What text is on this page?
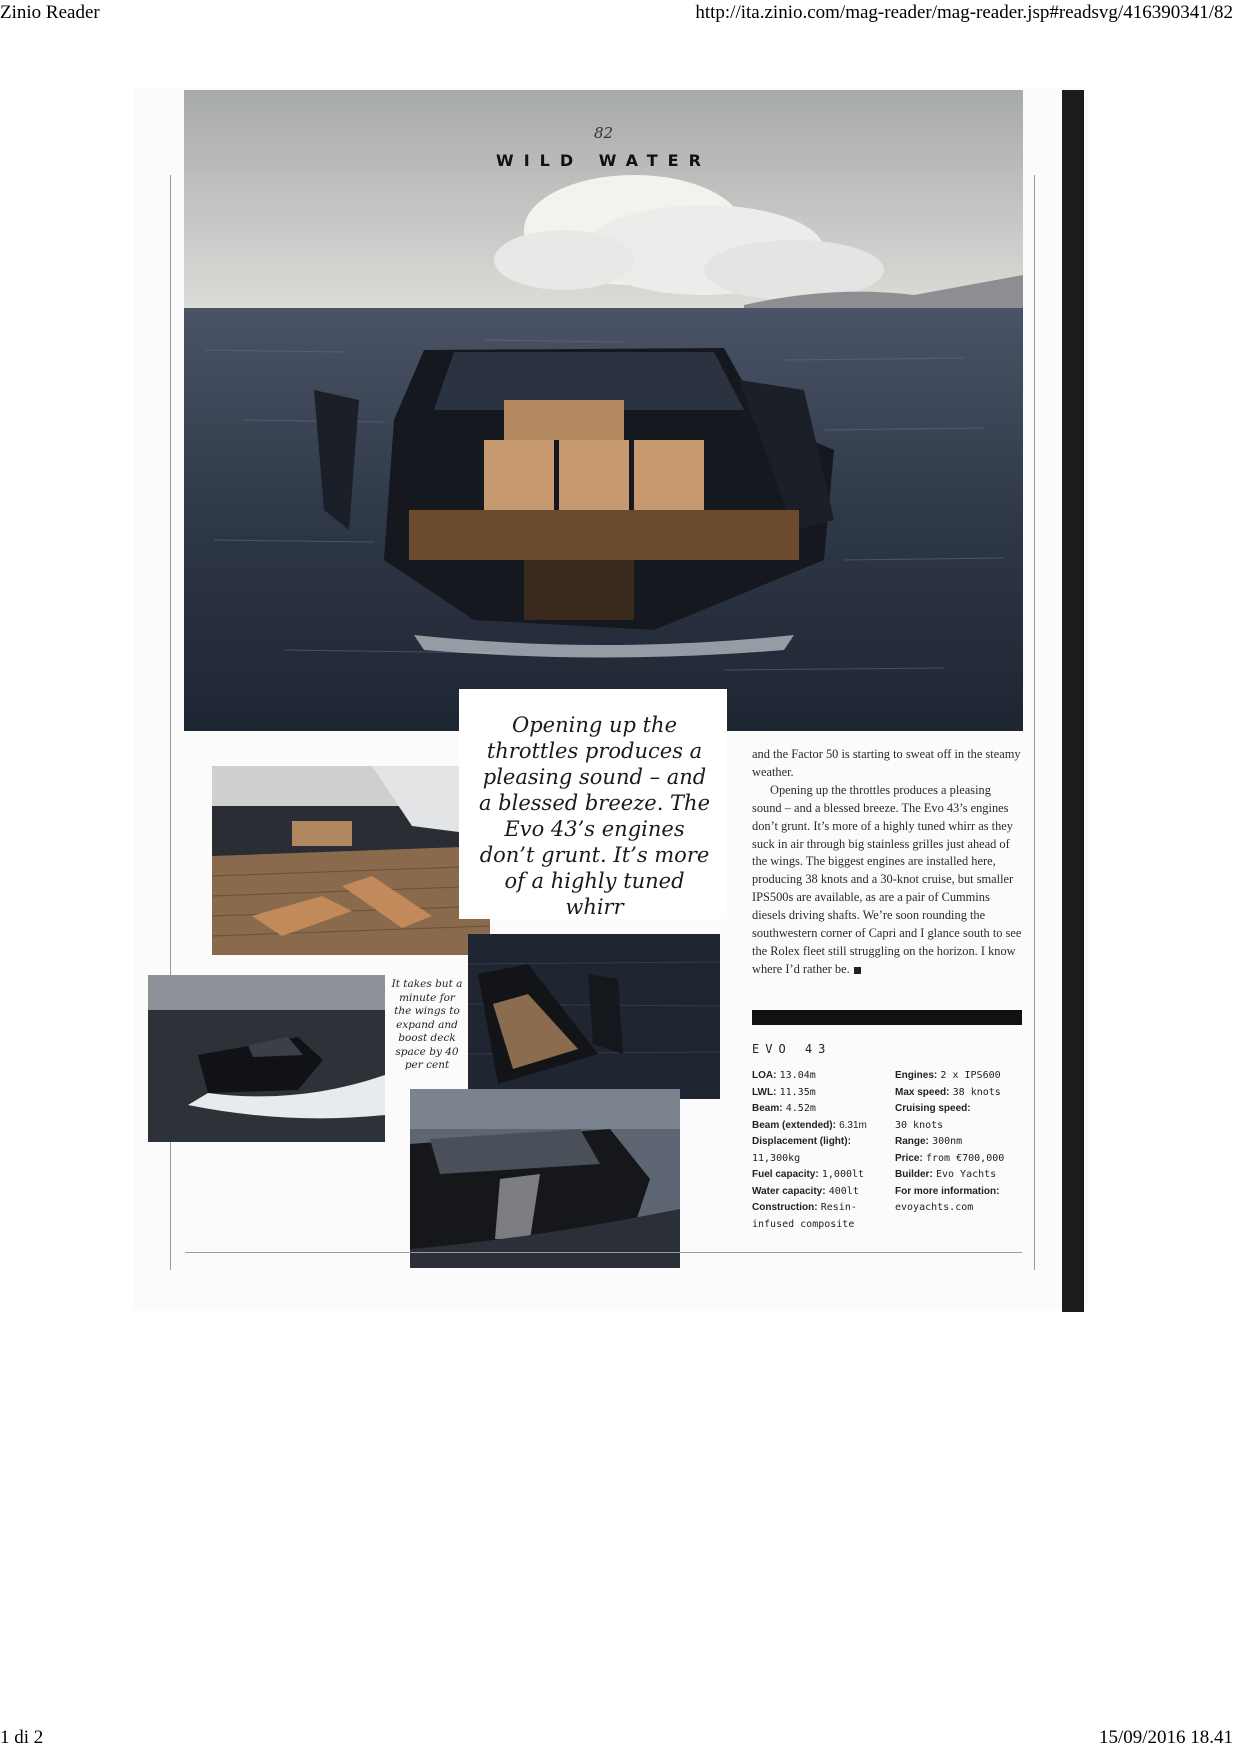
Zinio Reader	http://ita.zinio.com/mag-reader/mag-reader.jsp#readsvg/416390341/82
82
WILD WATER
Opening up the throttles produces a pleasing sound – and a blessed breeze. The Evo 43’s engines don’t grunt. It’s more of a highly tuned whirr

and the Factor 50 is starting to sweat off in the steamy weather.

Opening up the throttles produces a pleasing sound – and a blessed breeze. The Evo 43’s engines don’t grunt. It’s more of a highly tuned whirr as they suck in air through big stainless grilles just ahead of the wings. The biggest engines are installed here, producing 38 knots and a 30-knot cruise, but smaller IPS500s are available, as are a pair of Cummins diesels driving shafts. We’re soon rounding the southwestern corner of Capri and I glance south to see the Rolex fleet still struggling on the horizon. I know where I’d rather be.

It takes but a minute for the wings to expand and boost deck space by 40 per cent
EVO 43
LOA: 13.04m
LWL: 11.35m
Beam: 4.52m
Beam (extended): 6.31m
Displacement (light):
11,300kg
Fuel capacity: 1,000lt
Water capacity: 400lt
Construction: Resin-infused composite
Engines: 2 x IPS600
Max speed: 38 knots
Cruising speed:
30 knots
Range: 300nm
Price: from €700,000
Builder: Evo Yachts
For more information:
evoyachts.com
1 di 2	15/09/2016 18.41
